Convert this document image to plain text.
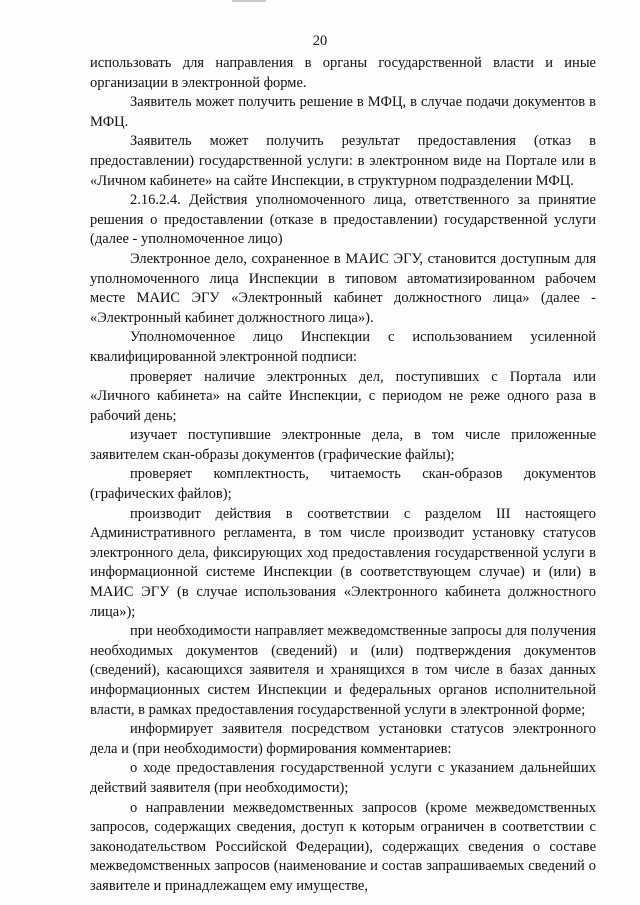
20

использовать для направления в органы государственной власти и иные организации в электронной форме.

Заявитель может получить решение в МФЦ, в случае подачи документов в МФЦ.

Заявитель может получить результат предоставления (отказ в предоставлении) государственной услуги: в электронном виде на Портале или в «Личном кабинете» на сайте Инспекции, в структурном подразделении МФЦ.

2.16.2.4. Действия уполномоченного лица, ответственного за принятие решения о предоставлении (отказе в предоставлении) государственной услуги (далее - уполномоченное лицо)

Электронное дело, сохраненное в МАИС ЭГУ, становится доступным для уполномоченного лица Инспекции в типовом автоматизированном рабочем месте МАИС ЭГУ «Электронный кабинет должностного лица» (далее - «Электронный кабинет должностного лица»).

Уполномоченное лицо Инспекции с использованием усиленной квалифицированной электронной подписи:

проверяет наличие электронных дел, поступивших с Портала или «Личного кабинета» на сайте Инспекции, с периодом не реже одного раза в рабочий день;

изучает поступившие электронные дела, в том числе приложенные заявителем скан-образы документов (графические файлы);

проверяет комплектность, читаемость скан-образов документов (графических файлов);

производит действия в соответствии с разделом III настоящего Административного регламента, в том числе производит установку статусов электронного дела, фиксирующих ход предоставления государственной услуги в информационной системе Инспекции (в соответствующем случае) и (или) в МАИС ЭГУ (в случае использования «Электронного кабинета должностного лица»);

при необходимости направляет межведомственные запросы для получения необходимых документов (сведений) и (или) подтверждения документов (сведений), касающихся заявителя и хранящихся в том числе в базах данных информационных систем Инспекции и федеральных органов исполнительной власти, в рамках предоставления государственной услуги в электронной форме;

информирует заявителя посредством установки статусов электронного дела и (при необходимости) формирования комментариев:

о ходе предоставления государственной услуги с указанием дальнейших действий заявителя (при необходимости);

о направлении межведомственных запросов (кроме межведомственных запросов, содержащих сведения, доступ к которым ограничен в соответствии с законодательством Российской Федерации), содержащих сведения о составе межведомственных запросов (наименование и состав запрашиваемых сведений о заявителе и принадлежащем ему имуществе,
